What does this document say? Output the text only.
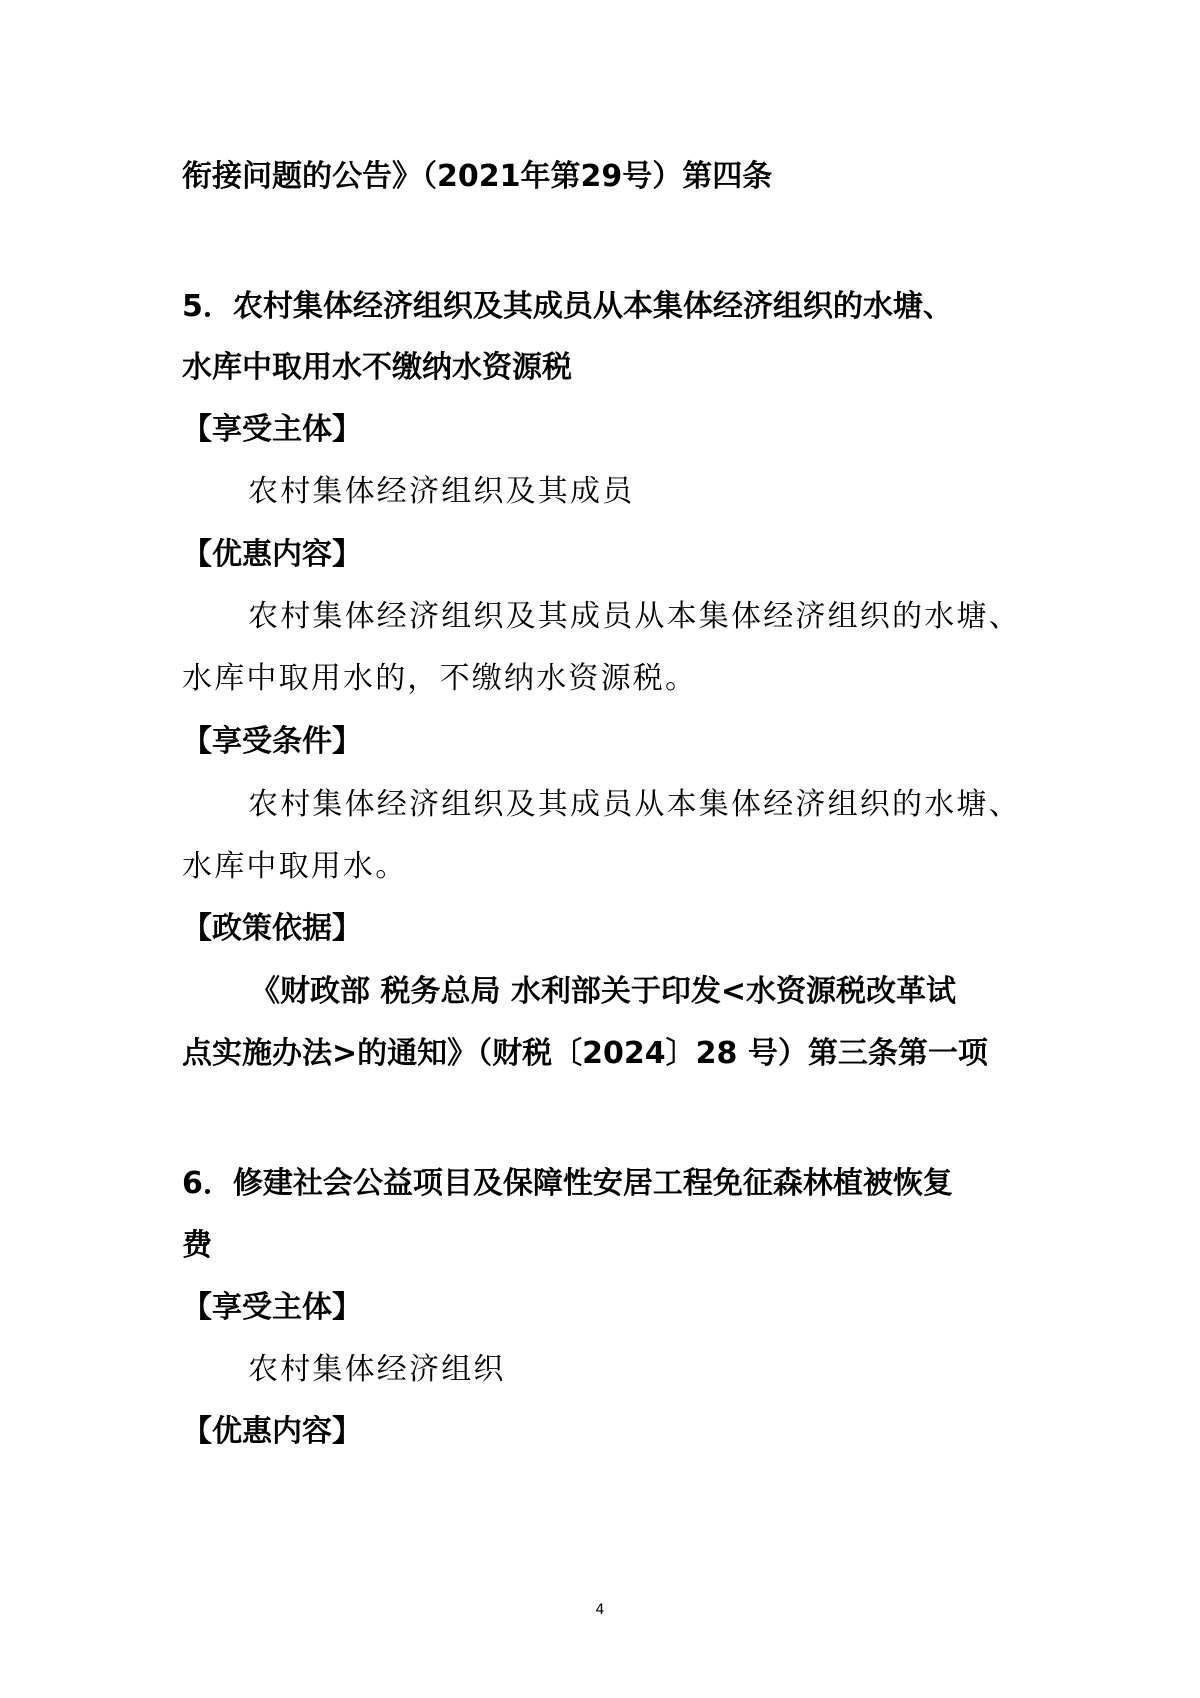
衔接问题的公告》（2021年第29号）第四条
5．农村集体经济组织及其成员从本集体经济组织的水塘、
水库中取用水不缴纳水资源税
【享受主体】
农村集体经济组织及其成员
【优惠内容】
农村集体经济组织及其成员从本集体经济组织的水塘、
水库中取用水的，不缴纳水资源税。
【享受条件】
农村集体经济组织及其成员从本集体经济组织的水塘、
水库中取用水。
【政策依据】
《财政部 税务总局 水利部关于印发<水资源税改革试
点实施办法>的通知》（财税〔2024〕28 号）第三条第一项
6．修建社会公益项目及保障性安居工程免征森林植被恢复
费
【享受主体】
农村集体经济组织
【优惠内容】
4
